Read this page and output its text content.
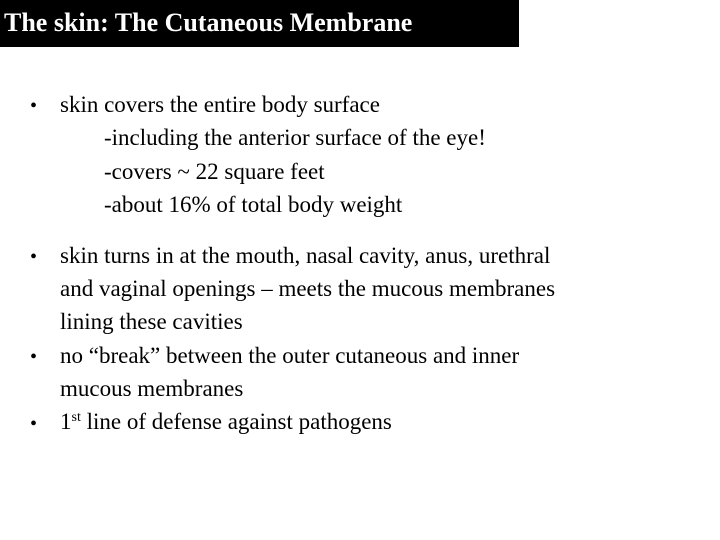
The skin: The Cutaneous Membrane
• skin covers the entire body surface
-including the anterior surface of the eye!
-covers ~ 22 square feet
-about 16% of total body weight
• skin turns in at the mouth, nasal cavity, anus, urethral
and vaginal openings – meets the mucous membranes
lining these cavities
• no “break” between the outer cutaneous and inner
mucous membranes
• 1st line of defense against pathogens
